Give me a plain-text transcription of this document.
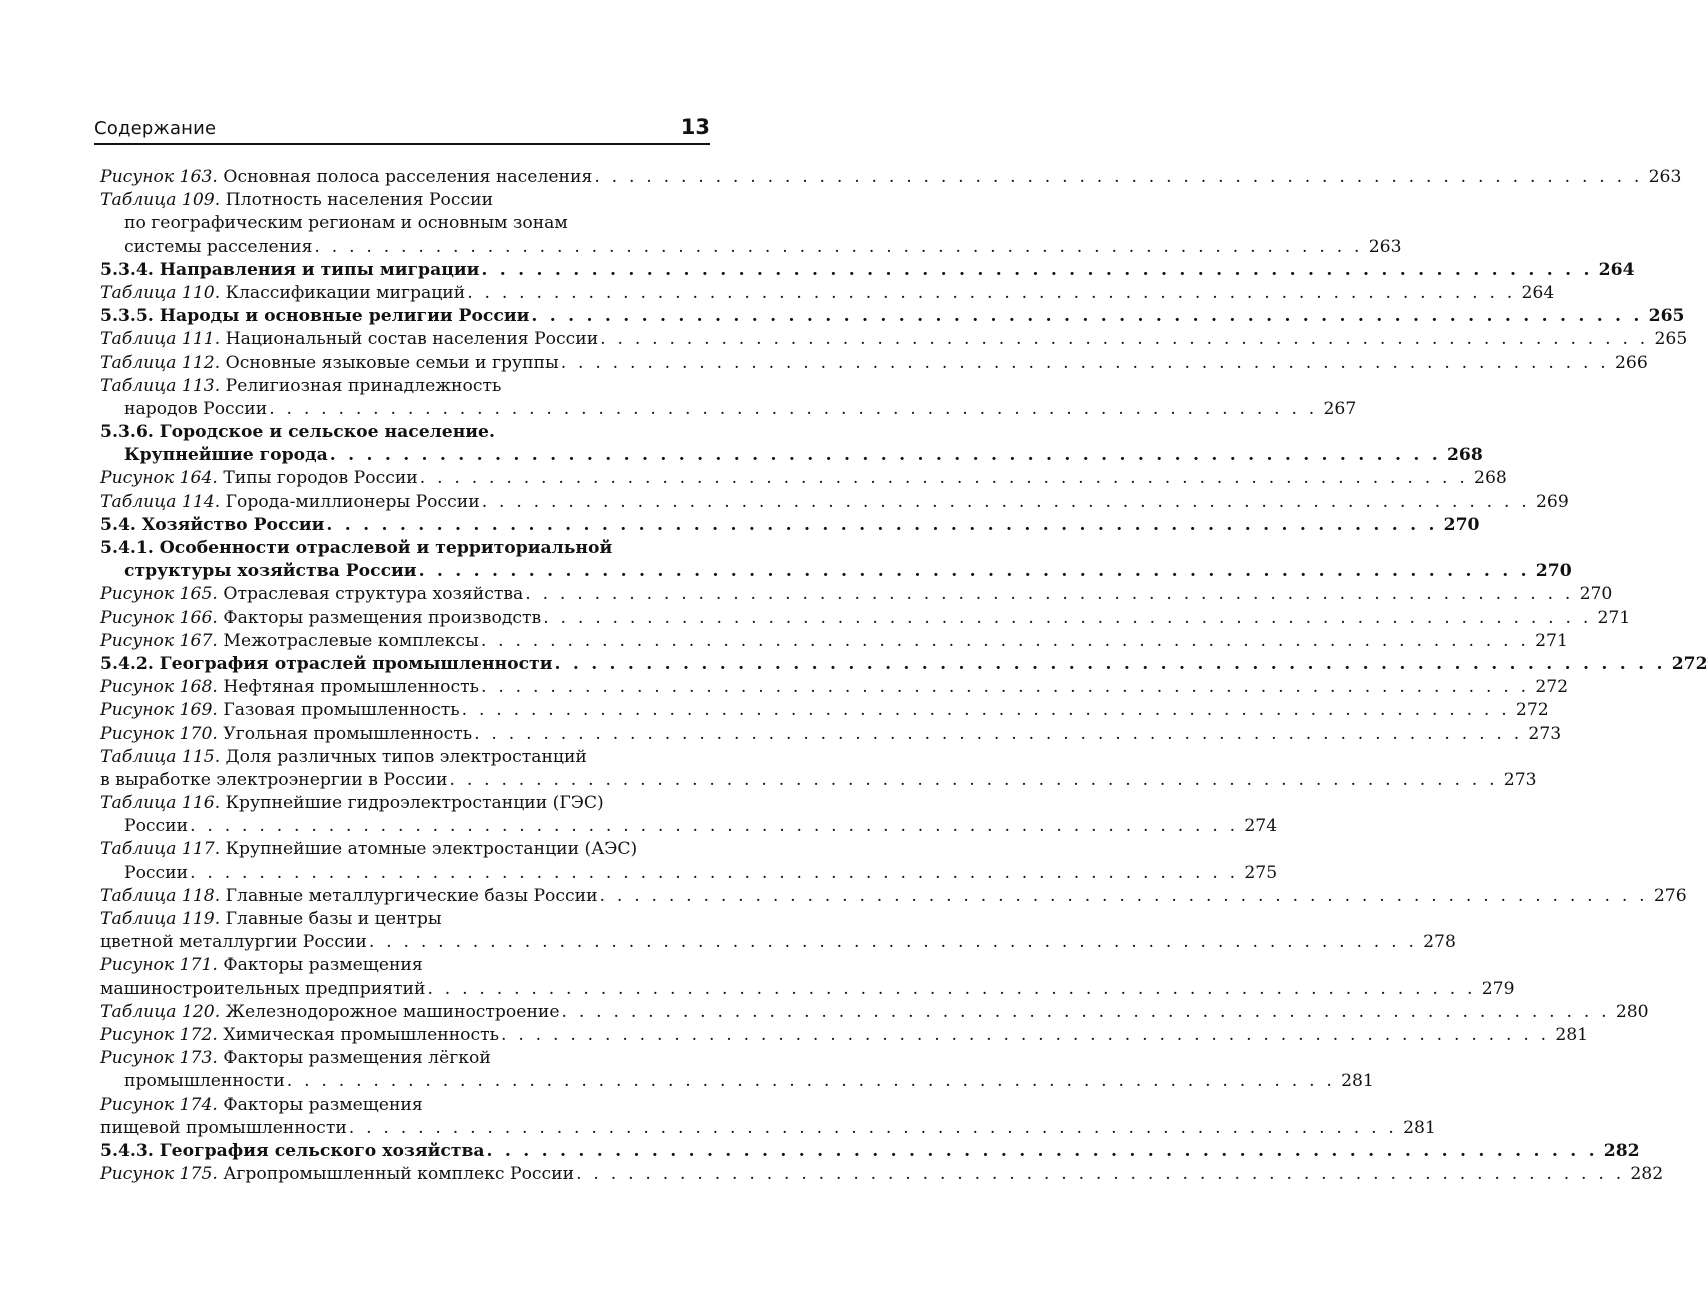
Содержание	13
Рисунок 163. Основная полоса расселения населения . . . . . . . . . . . . . . . . . . . . . . . . . . . . . . . . . . . . . . . . . . . . . . . . . . . . . . . . . . . . . 263
Таблица 109. Плотность населения России
по географическим регионам и основным зонам
системы расселения . . . . . . . . . . . . . . . . . . . . . . . . . . . . . . . . . . . . . . . . . . . . . . . . . . . . . . . . . . . . . 263
5.3.4. Направления и типы миграции . . . . . . . . . . . . . . . . . . . . . . . . . . . . . . . . . . . . . . . . . . . . . . . . . . . . . . . . . . . . . 264
Таблица 110. Классификации миграций . . . . . . . . . . . . . . . . . . . . . . . . . . . . . . . . . . . . . . . . . . . . . . . . . . . . . . . . . . . . . 264
5.3.5. Народы и основные религии России . . . . . . . . . . . . . . . . . . . . . . . . . . . . . . . . . . . . . . . . . . . . . . . . . . . . . . . . . . . . . 265
Таблица 111. Национальный состав населения России . . . . . . . . . . . . . . . . . . . . . . . . . . . . . . . . . . . . . . . . . . . . . . . . . . . . . . . . . . . . . 265
Таблица 112. Основные языковые семьи и группы . . . . . . . . . . . . . . . . . . . . . . . . . . . . . . . . . . . . . . . . . . . . . . . . . . . . . . . . . . . . . 266
Таблица 113. Религиозная принадлежность
народов России . . . . . . . . . . . . . . . . . . . . . . . . . . . . . . . . . . . . . . . . . . . . . . . . . . . . . . . . . . . . . 267
5.3.6. Городское и сельское население.
Крупнейшие города . . . . . . . . . . . . . . . . . . . . . . . . . . . . . . . . . . . . . . . . . . . . . . . . . . . . . . . . . . . . . 268
Рисунок 164. Типы городов России . . . . . . . . . . . . . . . . . . . . . . . . . . . . . . . . . . . . . . . . . . . . . . . . . . . . . . . . . . . . . 268
Таблица 114. Города-миллионеры России . . . . . . . . . . . . . . . . . . . . . . . . . . . . . . . . . . . . . . . . . . . . . . . . . . . . . . . . . . . . . 269
5.4. Хозяйство России . . . . . . . . . . . . . . . . . . . . . . . . . . . . . . . . . . . . . . . . . . . . . . . . . . . . . . . . . . . . . 270
5.4.1. Особенности отраслевой и территориальной
структуры хозяйства России . . . . . . . . . . . . . . . . . . . . . . . . . . . . . . . . . . . . . . . . . . . . . . . . . . . . . . . . . . . . . 270
Рисунок 165. Отраслевая структура хозяйства . . . . . . . . . . . . . . . . . . . . . . . . . . . . . . . . . . . . . . . . . . . . . . . . . . . . . . . . . . . . . 270
Рисунок 166. Факторы размещения производств . . . . . . . . . . . . . . . . . . . . . . . . . . . . . . . . . . . . . . . . . . . . . . . . . . . . . . . . . . . . . 271
Рисунок 167. Межотраслевые комплексы . . . . . . . . . . . . . . . . . . . . . . . . . . . . . . . . . . . . . . . . . . . . . . . . . . . . . . . . . . . . . 271
5.4.2. География отраслей промышленности . . . . . . . . . . . . . . . . . . . . . . . . . . . . . . . . . . . . . . . . . . . . . . . . . . . . . . . . . . . . . 272
Рисунок 168. Нефтяная промышленность . . . . . . . . . . . . . . . . . . . . . . . . . . . . . . . . . . . . . . . . . . . . . . . . . . . . . . . . . . . . . 272
Рисунок 169. Газовая промышленность . . . . . . . . . . . . . . . . . . . . . . . . . . . . . . . . . . . . . . . . . . . . . . . . . . . . . . . . . . . . . 272
Рисунок 170. Угольная промышленность . . . . . . . . . . . . . . . . . . . . . . . . . . . . . . . . . . . . . . . . . . . . . . . . . . . . . . . . . . . . . 273
Таблица 115. Доля различных типов электростанций
в выработке электроэнергии в России . . . . . . . . . . . . . . . . . . . . . . . . . . . . . . . . . . . . . . . . . . . . . . . . . . . . . . . . . . . . . 273
Таблица 116. Крупнейшие гидроэлектростанции (ГЭС)
России . . . . . . . . . . . . . . . . . . . . . . . . . . . . . . . . . . . . . . . . . . . . . . . . . . . . . . . . . . . . . 274
Таблица 117. Крупнейшие атомные электростанции (АЭС)
России . . . . . . . . . . . . . . . . . . . . . . . . . . . . . . . . . . . . . . . . . . . . . . . . . . . . . . . . . . . . . 275
Таблица 118. Главные металлургические базы России . . . . . . . . . . . . . . . . . . . . . . . . . . . . . . . . . . . . . . . . . . . . . . . . . . . . . . . . . . . . . 276
Таблица 119. Главные базы и центры
цветной металлургии России . . . . . . . . . . . . . . . . . . . . . . . . . . . . . . . . . . . . . . . . . . . . . . . . . . . . . . . . . . . . . 278
Рисунок 171. Факторы размещения
машиностроительных предприятий . . . . . . . . . . . . . . . . . . . . . . . . . . . . . . . . . . . . . . . . . . . . . . . . . . . . . . . . . . . . . 279
Таблица 120. Железнодорожное машиностроение . . . . . . . . . . . . . . . . . . . . . . . . . . . . . . . . . . . . . . . . . . . . . . . . . . . . . . . . . . . . . 280
Рисунок 172. Химическая промышленность . . . . . . . . . . . . . . . . . . . . . . . . . . . . . . . . . . . . . . . . . . . . . . . . . . . . . . . . . . . . . 281
Рисунок 173. Факторы размещения лёгкой
промышленности . . . . . . . . . . . . . . . . . . . . . . . . . . . . . . . . . . . . . . . . . . . . . . . . . . . . . . . . . . . . . 281
Рисунок 174. Факторы размещения
пищевой промышленности . . . . . . . . . . . . . . . . . . . . . . . . . . . . . . . . . . . . . . . . . . . . . . . . . . . . . . . . . . . . . 281
5.4.3. География сельского хозяйства . . . . . . . . . . . . . . . . . . . . . . . . . . . . . . . . . . . . . . . . . . . . . . . . . . . . . . . . . . . . . 282
Рисунок 175. Агропромышленный комплекс России . . . . . . . . . . . . . . . . . . . . . . . . . . . . . . . . . . . . . . . . . . . . . . . . . . . . . . . . . . . . . 282
